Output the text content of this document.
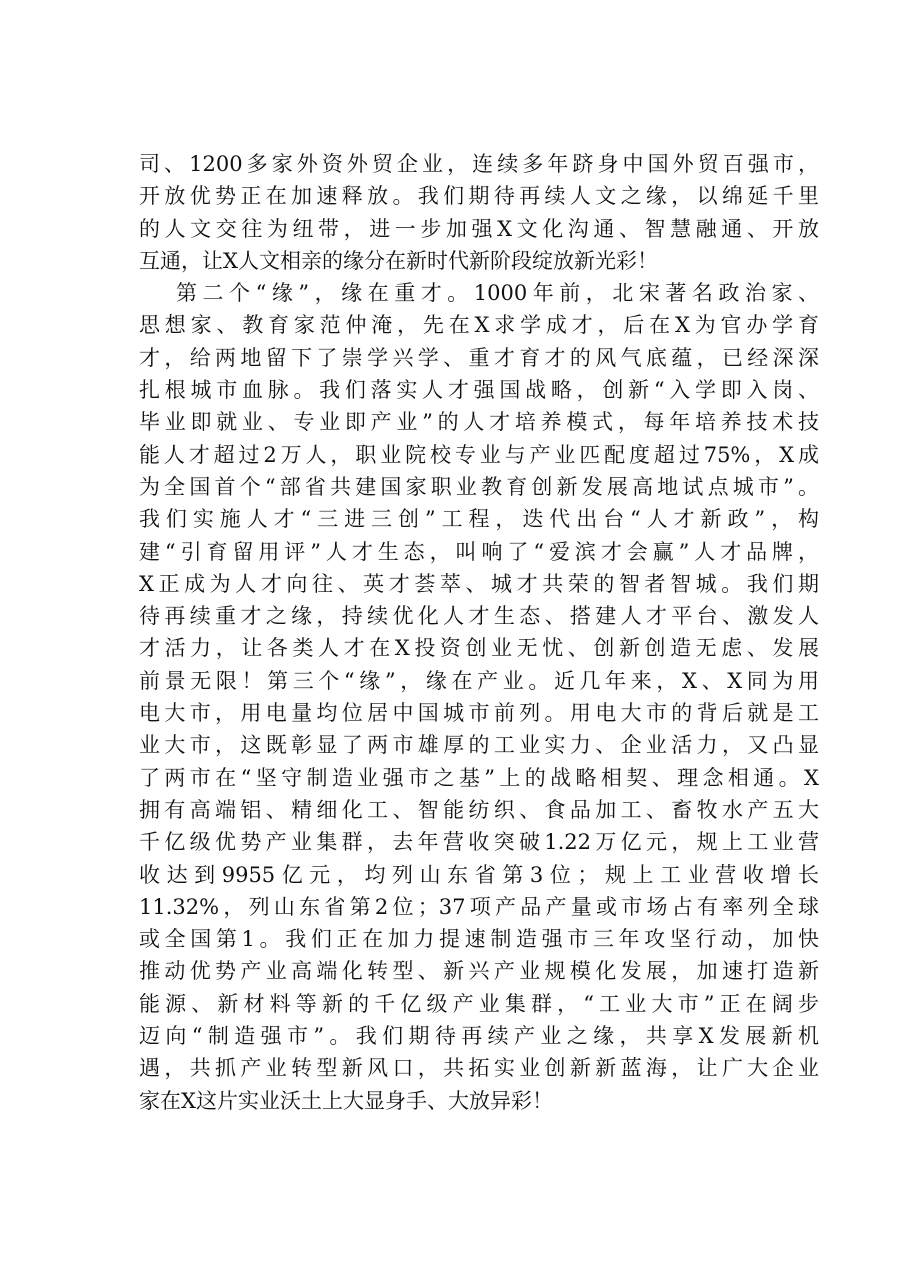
司、1200多家外资外贸企业，连续多年跻身中国外贸百强市，
开放优势正在加速释放。我们期待再续人文之缘，以绵延千里
的人文交往为纽带，进一步加强X文化沟通、智慧融通、开放
互通，让X人文相亲的缘分在新时代新阶段绽放新光彩！
第二个“缘”，缘在重才。1000年前，北宋著名政治家、
思想家、教育家范仲淹，先在X求学成才，后在X为官办学育
才，给两地留下了崇学兴学、重才育才的风气底蕴，已经深深
扎根城市血脉。我们落实人才强国战略，创新“入学即入岗、
毕业即就业、专业即产业”的人才培养模式，每年培养技术技
能人才超过2万人，职业院校专业与产业匹配度超过75%，X成
为全国首个“部省共建国家职业教育创新发展高地试点城市”。
我们实施人才“三进三创”工程，迭代出台“人才新政”，构
建“引育留用评”人才生态，叫响了“爱滨才会赢”人才品牌，
X正成为人才向往、英才荟萃、城才共荣的智者智城。我们期
待再续重才之缘，持续优化人才生态、搭建人才平台、激发人
才活力，让各类人才在X投资创业无忧、创新创造无虑、发展
前景无限！第三个“缘”，缘在产业。近几年来，X、X同为用
电大市，用电量均位居中国城市前列。用电大市的背后就是工
业大市，这既彰显了两市雄厚的工业实力、企业活力，又凸显
了两市在“坚守制造业强市之基”上的战略相契、理念相通。X
拥有高端铝、精细化工、智能纺织、食品加工、畜牧水产五大
千亿级优势产业集群，去年营收突破1.22万亿元，规上工业营
收达到9955亿元，均列山东省第3位；规上工业营收增长
11.32%，列山东省第2位；37项产品产量或市场占有率列全球
或全国第1。我们正在加力提速制造强市三年攻坚行动，加快
推动优势产业高端化转型、新兴产业规模化发展，加速打造新
能源、新材料等新的千亿级产业集群，“工业大市”正在阔步
迈向“制造强市”。我们期待再续产业之缘，共享X发展新机
遇，共抓产业转型新风口，共拓实业创新新蓝海，让广大企业
家在X这片实业沃土上大显身手、大放异彩！
